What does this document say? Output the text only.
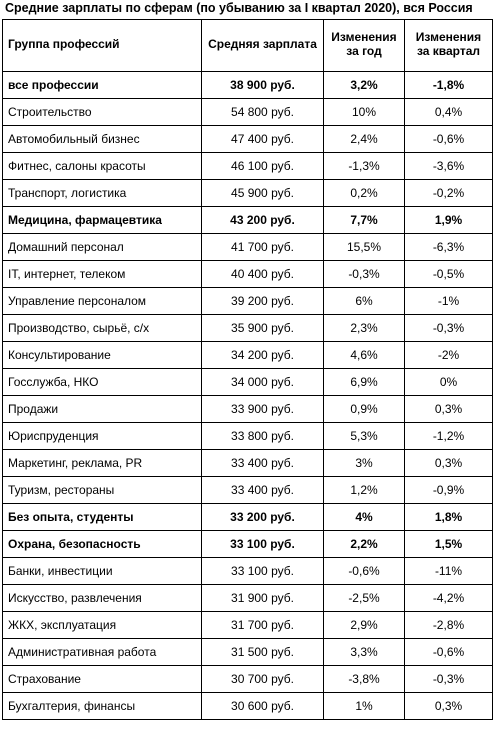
Средние зарплаты по сферам (по убыванию за I квартал 2020), вся Россия
Группа профессий	Средняя зарплата	Изменения за год	Изменения за квартал
все профессии	38 900 руб.	3,2%	-1,8%
Строительство	54 800 руб.	10%	0,4%
Автомобильный бизнес	47 400 руб.	2,4%	-0,6%
Фитнес, салоны красоты	46 100 руб.	-1,3%	-3,6%
Транспорт, логистика	45 900 руб.	0,2%	-0,2%
Медицина, фармацевтика	43 200 руб.	7,7%	1,9%
Домашний персонал	41 700 руб.	15,5%	-6,3%
IT, интернет, телеком	40 400 руб.	-0,3%	-0,5%
Управление персоналом	39 200 руб.	6%	-1%
Производство, сырьё, с/х	35 900 руб.	2,3%	-0,3%
Консультирование	34 200 руб.	4,6%	-2%
Госслужба, НКО	34 000 руб.	6,9%	0%
Продажи	33 900 руб.	0,9%	0,3%
Юриспруденция	33 800 руб.	5,3%	-1,2%
Маркетинг, реклама, PR	33 400 руб.	3%	0,3%
Туризм, рестораны	33 400 руб.	1,2%	-0,9%
Без опыта, студенты	33 200 руб.	4%	1,8%
Охрана, безопасность	33 100 руб.	2,2%	1,5%
Банки, инвестиции	33 100 руб.	-0,6%	-11%
Искусство, развлечения	31 900 руб.	-2,5%	-4,2%
ЖКХ, эксплуатация	31 700 руб.	2,9%	-2,8%
Административная работа	31 500 руб.	3,3%	-0,6%
Страхование	30 700 руб.	-3,8%	-0,3%
Бухгалтерия, финансы	30 600 руб.	1%	0,3%
